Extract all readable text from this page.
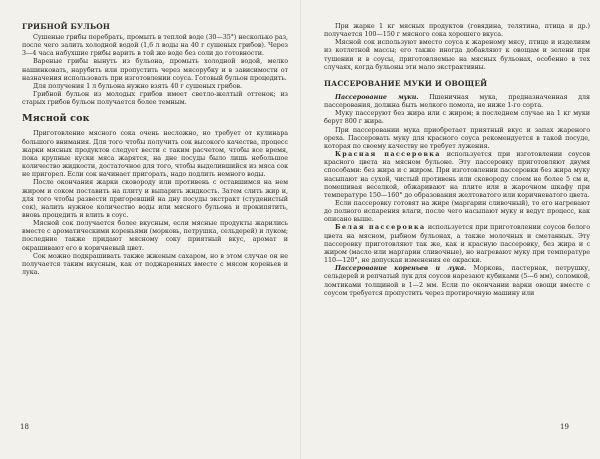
ГРИБНОЙ БУЛЬОН

Сушеные грибы перебрать, промыть в теплой воде (30—35°) несколько раз, после чего залить холодной водой (1,6 л воды на 40 г сушеных грибов). Через 3—4 часа набухшие грибы варить в той же воде без соли до готовности.

Вареные грибы вынуть из бульона, промыть холодной водой, мелко нашинковать, нарубить или пропустить через мясорубку и в зависимости от назначения использовать при изготовлении соуса. Готовый бульон процедить.

Для получения 1 л бульона нужно взять 40 г сушеных грибов.

Грибной бульон из молодых грибов имеет светло-желтый оттенок; из старых грибов бульон получается более темным.

Мясной сок

Приготовление мясного сока очень несложно, но требует от кулинара большого внимания. Для того чтобы получить сок высокого качества, процесс жарки мясных продуктов следует вести с таким расчетом, чтобы все время, пока крупные куски мяса жарятся, на дне посуды было лишь небольшое количество жидкости, достаточное для того, чтобы выделившийся из мяса сок не пригорел. Если сок начинает пригорать, надо подлить немного воды.

После окончания жарки сковороду или противень с оставшимся на нем жиром и соком поставить на плиту и выпарить жидкость. Затем слить жир и, для того чтобы развести пригоревший на дну посуды экстракт (студенистый сок), налить нужное количество воды или мясного бульона и прокипятить, вновь процедить и влить в соус.

Мясной сок получается более вкусным, если мясные продукты жарились вместе с ароматическими кореньями (морковь, петрушка, сельдерей) и луком; последние также придают мясному соку приятный вкус, аромат и окрашивают его в коричневый цвет.

Сок можно подкрашивать также жженым сахаром, но в этом случае он не получается таким вкусным, как от поджаренных вместе с мясом кореньев и лука.

При жарке 1 кг мясных продуктов (говядина, телятина, птица и др.) получается 100—150 г мясного сока хорошего вкуса.

Мясной сок используют вместо соуса к жареному мясу, птице и изделиям из котлетной массы; его также иногда добавляют к овощам и зелени при тушении и в соусы, приготовляемые на мясных бульонах, особенно в тех случаях, когда бульоны эти мало экстрактивны.

ПАССЕРОВАНИЕ МУКИ И ОВОЩЕЙ

Пассерование муки. Пшеничная мука, предназначенная для пассерования, должна быть мелкого помола, не ниже 1-го сорта.

Муку пассеруют без жира или с жиром; в последнем случае на 1 кг муки берут 800 г жира.

При пассеровании мука приобретает приятный вкус и запах жареного ореха. Пассеровать муку для красного соуса рекомендуется в такой посуде, которая по своему качеству не требует лужения.

Красная пассеровка используется при изготовлении соусов красного цвета на мясном бульоне. Эту пассеровку приготовляют двумя способами: без жира и с жиром. При изготовлении пассеровки без жира муку насыпают на сухой, чистый противень или сковороду слоем не более 5 см и, помешивая веселкой, обжаривают на плите или в жарочном шкафу при температуре 150—160° до образования желтоватого или коричневатого цвета.

Если пассеровку готовят на жире (маргарин сливочный), то его нагревают до полного испарения влаги, после чего насыпают муку и ведут процесс, как описано выше.

Белая пассеровка используется при приготовлении соусов белого цвета на мясном, рыбном бульонах, а также молочных и сметанных. Эту пассеровку приготовляют так же, как и красную пассеровку, без жира и с жиром (масло или маргарин сливочные), но нагревают муку при температуре 110—120°, не допуская изменения ее окраски.

Пассерование кореньев и лука. Морковь, пастернак, петрушку, сельдерей и репчатый лук для соусов нарезают кубиками (5—6 мм), соломкой, ломтиками толщиной в 1—2 мм. Если по окончании варки овощи вместе с соусом требуется пропустить через протирочную машину или

18	19
